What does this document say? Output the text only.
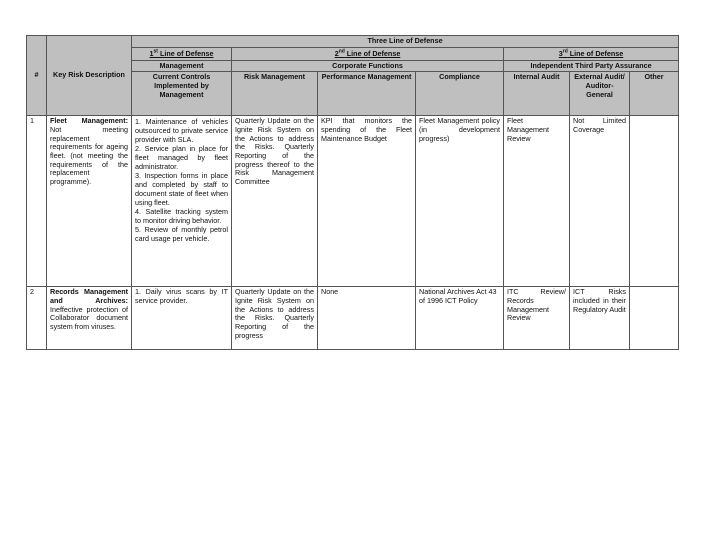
#	Key Risk Description	Three Line of Defense						
		1st Line of Defense	2nd Line of Defense			3rd Line of Defense		
		Management	Corporate Functions			Independent Third Party Assurance		
		Current Controls Implemented by Management	Risk Management	Performance Management	Compliance	Internal Audit	External Audit/ Auditor-General	Other
1	Fleet Management: Not meeting replacement requirements for ageing fleet. (not meeting the requirements of the replacement programme).	1. Maintenance of vehicles outsourced to private service provider with SLA.
2. Service plan in place for fleet managed by fleet administrator.
3. Inspection forms in place and completed by staff to document state of fleet when using fleet.
4. Satellite tracking system to monitor driving behavior.
5. Review of monthly petrol card usage per vehicle.	Quarterly Update on the Ignite Risk System on the Actions to address the Risks. Quarterly Reporting of the progress thereof to the Risk Management Committee	KPI that monitors the spending of the Fleet Maintenance Budget	Fleet Management policy (in development progress)	Fleet Management Review	Not Limited Coverage	
2	Records Management and Archives: Ineffective protection of Collaborator document system from viruses.	1. Daily virus scans by IT service provider.	Quarterly Update on the Ignite Risk System on the Actions to address the Risks. Quarterly Reporting of the progress	None	National Archives Act 43 of 1996 ICT Policy	ITC Review/ Records Management Review	ICT Risks included in their Regulatory Audit	
